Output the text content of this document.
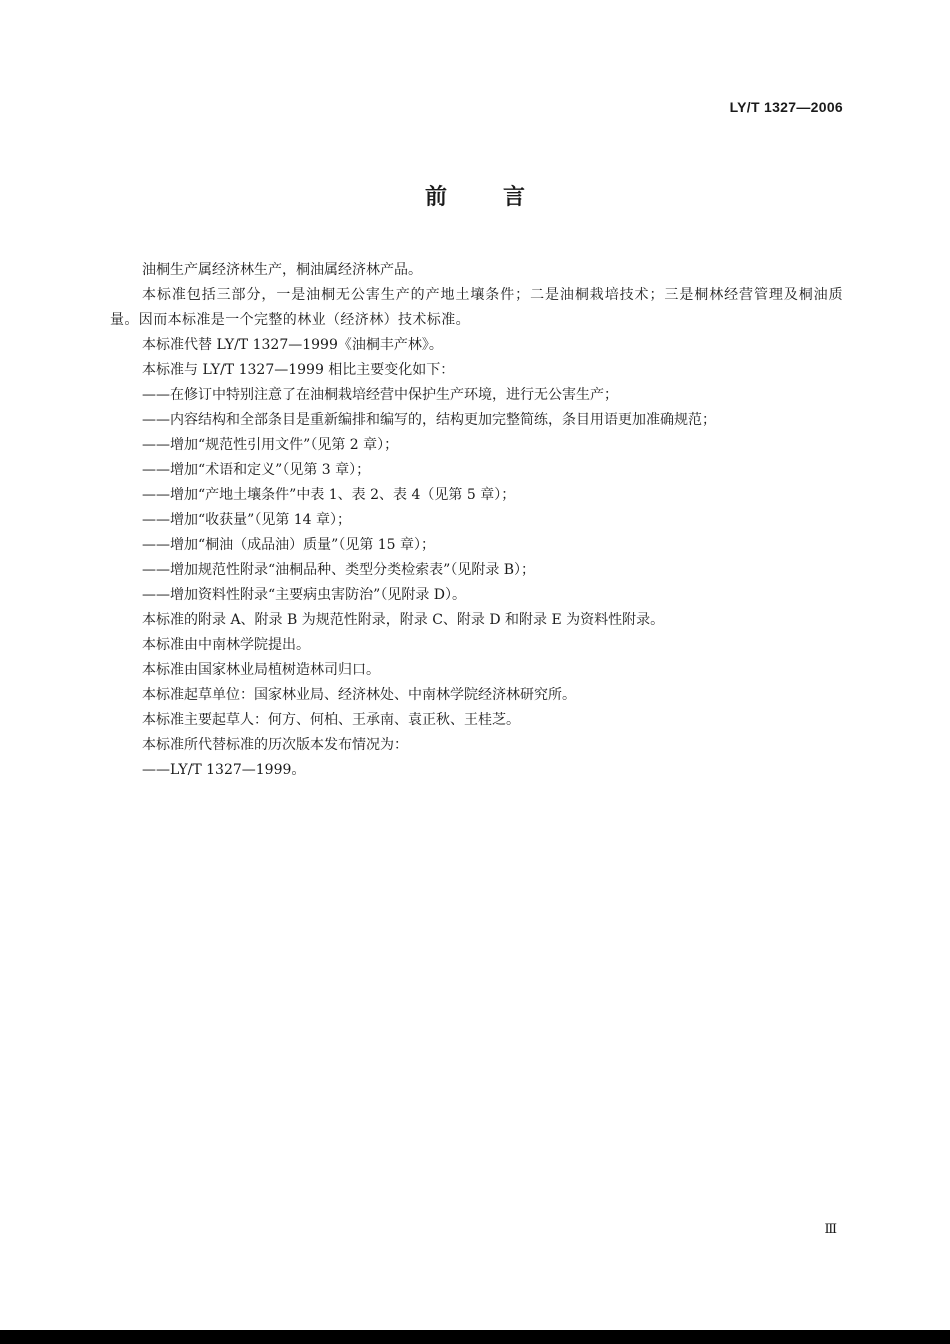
LY/T 1327—2006
前	言

油桐生产属经济林生产，桐油属经济林产品。

本标准包括三部分，一是油桐无公害生产的产地土壤条件；二是油桐栽培技术；三是桐林经营管理及桐油质量。因而本标准是一个完整的林业（经济林）技术标准。

本标准代替 LY/T 1327—1999《油桐丰产林》。

本标准与 LY/T 1327—1999 相比主要变化如下：

——在修订中特别注意了在油桐栽培经营中保护生产环境，进行无公害生产；

——内容结构和全部条目是重新编排和编写的，结构更加完整简练，条目用语更加准确规范；

——增加“规范性引用文件”（见第 2 章）；

——增加“术语和定义”（见第 3 章）；

——增加“产地土壤条件”中表 1、表 2、表 4（见第 5 章）；

——增加“收获量”（见第 14 章）；

——增加“桐油（成品油）质量”（见第 15 章）；

——增加规范性附录“油桐品种、类型分类检索表”（见附录 B）；

——增加资料性附录“主要病虫害防治”（见附录 D）。

本标准的附录 A、附录 B 为规范性附录，附录 C、附录 D 和附录 E 为资料性附录。

本标准由中南林学院提出。

本标准由国家林业局植树造林司归口。

本标准起草单位：国家林业局、经济林处、中南林学院经济林研究所。

本标准主要起草人：何方、何柏、王承南、袁正秋、王桂芝。

本标准所代替标准的历次版本发布情况为：

——LY/T 1327—1999。

Ⅲ
